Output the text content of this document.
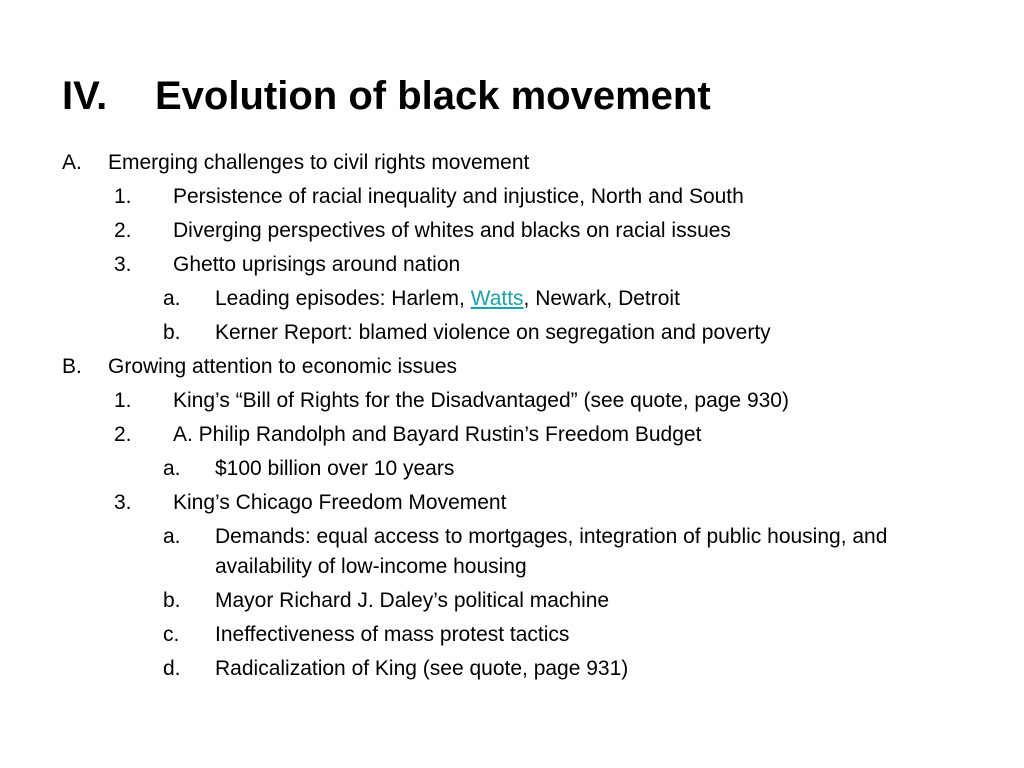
IV. Evolution of black movement
A. Emerging challenges to civil rights movement
1. Persistence of racial inequality and injustice, North and South
2. Diverging perspectives of whites and blacks on racial issues
3. Ghetto uprisings around nation
a. Leading episodes: Harlem, Watts, Newark, Detroit
b. Kerner Report: blamed violence on segregation and poverty
B. Growing attention to economic issues
1. King’s “Bill of Rights for the Disadvantaged” (see quote, page 930)
2. A. Philip Randolph and Bayard Rustin’s Freedom Budget
a. $100 billion over 10 years
3. King’s Chicago Freedom Movement
a. Demands: equal access to mortgages, integration of public housing, and availability of low-income housing
b. Mayor Richard J. Daley’s political machine
c. Ineffectiveness of mass protest tactics
d. Radicalization of King (see quote, page 931)
